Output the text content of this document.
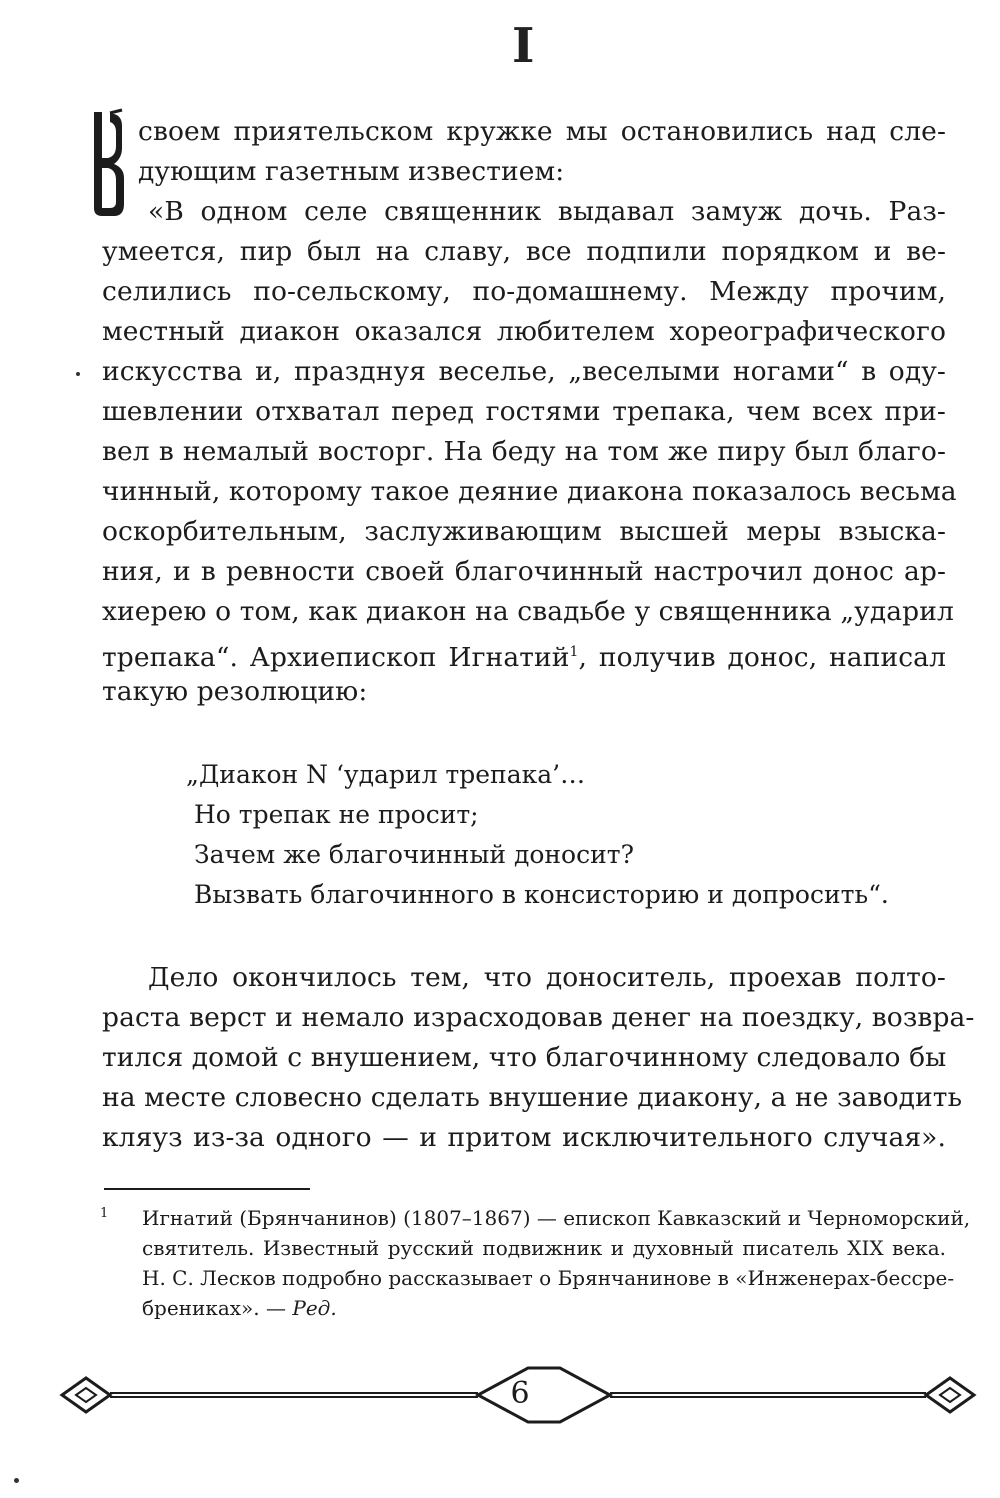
I
своем приятельском кружке мы остановились над сле-
дующим газетным известием:
«В одном селе священник выдавал замуж дочь. Раз-
умеется, пир был на славу, все подпили порядком и ве-
селились по-сельскому, по-домашнему. Между прочим,
местный диакон оказался любителем хореографического
искусства и, празднуя веселье, „веселыми ногами“ в оду-
шевлении отхватал перед гостями трепака, чем всех при-
вел в немалый восторг. На беду на том же пиру был благо-
чинный, которому такое деяние диакона показалось весьма
оскорбительным, заслуживающим высшей меры взыска-
ния, и в ревности своей благочинный настрочил донос ар-
хиерею о том, как диакон на свадьбе у священника „ударил
трепака“. Архиепископ Игнатий$^1$, получив донос, написал
такую резолюцию:
„Диакон N ‘ударил трепака’…
Но трепак не просит;
Зачем же благочинный доносит?
Вызвать благочинного в консисторию и допросить“.
Дело окончилось тем, что доноситель, проехав полто-
раста верст и немало израсходовав денег на поездку, возвра-
тился домой с внушением, что благочинному следовало бы
на месте словесно сделать внушение диакону, а не заводить
кляуз из-за одного — и притом исключительного случая».
1 Игнатий (Брянчанинов) (1807–1867) — епископ Кавказский и Черноморский,
святитель. Известный русский подвижник и духовный писатель XIX века.
Н. С. Лесков подробно рассказывает о Брянчанинове в «Инженерах-бессре-
бреникаx». — Ред.
6
